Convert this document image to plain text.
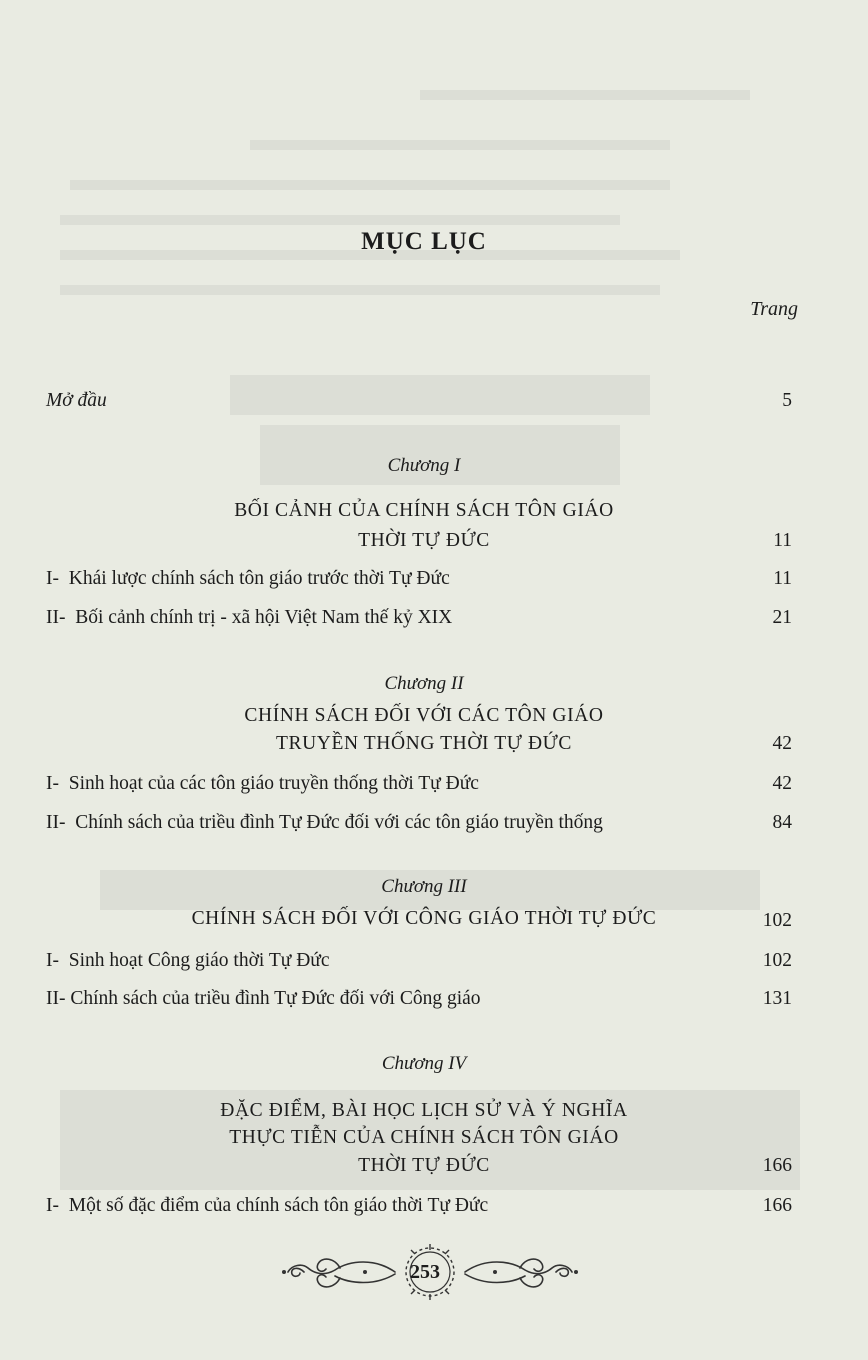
MỤC LỤC
Trang
Mở đầu	5
Chương I
BỐI CẢNH CỦA CHÍNH SÁCH TÔN GIÁO
THỜI TỰ ĐỨC	11
I- Khái lược chính sách tôn giáo trước thời Tự Đức	11
II- Bối cảnh chính trị - xã hội Việt Nam thế kỷ XIX	21
Chương II
CHÍNH SÁCH ĐỐI VỚI CÁC TÔN GIÁO
TRUYỀN THỐNG THỜI TỰ ĐỨC	42
I- Sinh hoạt của các tôn giáo truyền thống thời Tự Đức	42
II- Chính sách của triều đình Tự Đức đối với các tôn giáo truyền thống	84
Chương III
CHÍNH SÁCH ĐỐI VỚI CÔNG GIÁO THỜI TỰ ĐỨC	102
I- Sinh hoạt Công giáo thời Tự Đức	102
II- Chính sách của triều đình Tự Đức đối với Công giáo	131
Chương IV
ĐẶC ĐIỂM, BÀI HỌC LỊCH SỬ VÀ Ý NGHĨA
THỰC TIỄN CỦA CHÍNH SÁCH TÔN GIÁO
THỜI TỰ ĐỨC	166
I- Một số đặc điểm của chính sách tôn giáo thời Tự Đức	166
253
